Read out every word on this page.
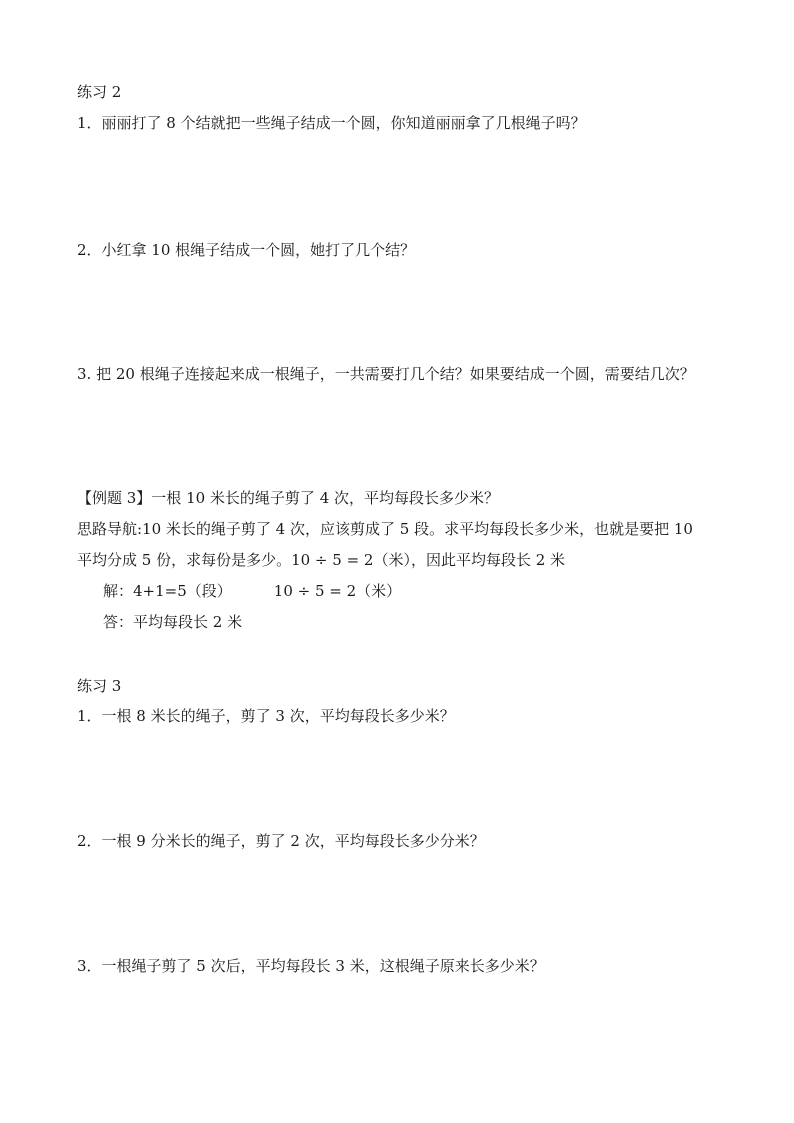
练习 2
1．丽丽打了 8 个结就把一些绳子结成一个圆，你知道丽丽拿了几根绳子吗？
2．小红拿 10 根绳子结成一个圆，她打了几个结？
3. 把 20 根绳子连接起来成一根绳子，一共需要打几个结？如果要结成一个圆，需要结几次？
【例题 3】一根 10 米长的绳子剪了 4 次，平均每段长多少米？
思路导航:10 米长的绳子剪了 4 次，应该剪成了 5 段。求平均每段长多少米，也就是要把 10
平均分成 5 份，求每份是多少。10 ÷ 5 = 2（米），因此平均每段长 2 米
解：4+1=5（段）	10 ÷ 5 = 2（米）
答：平均每段长 2 米
练习 3
1．一根 8 米长的绳子，剪了 3 次，平均每段长多少米？
2．一根 9 分米长的绳子，剪了 2 次，平均每段长多少分米？
3．一根绳子剪了 5 次后，平均每段长 3 米，这根绳子原来长多少米？
